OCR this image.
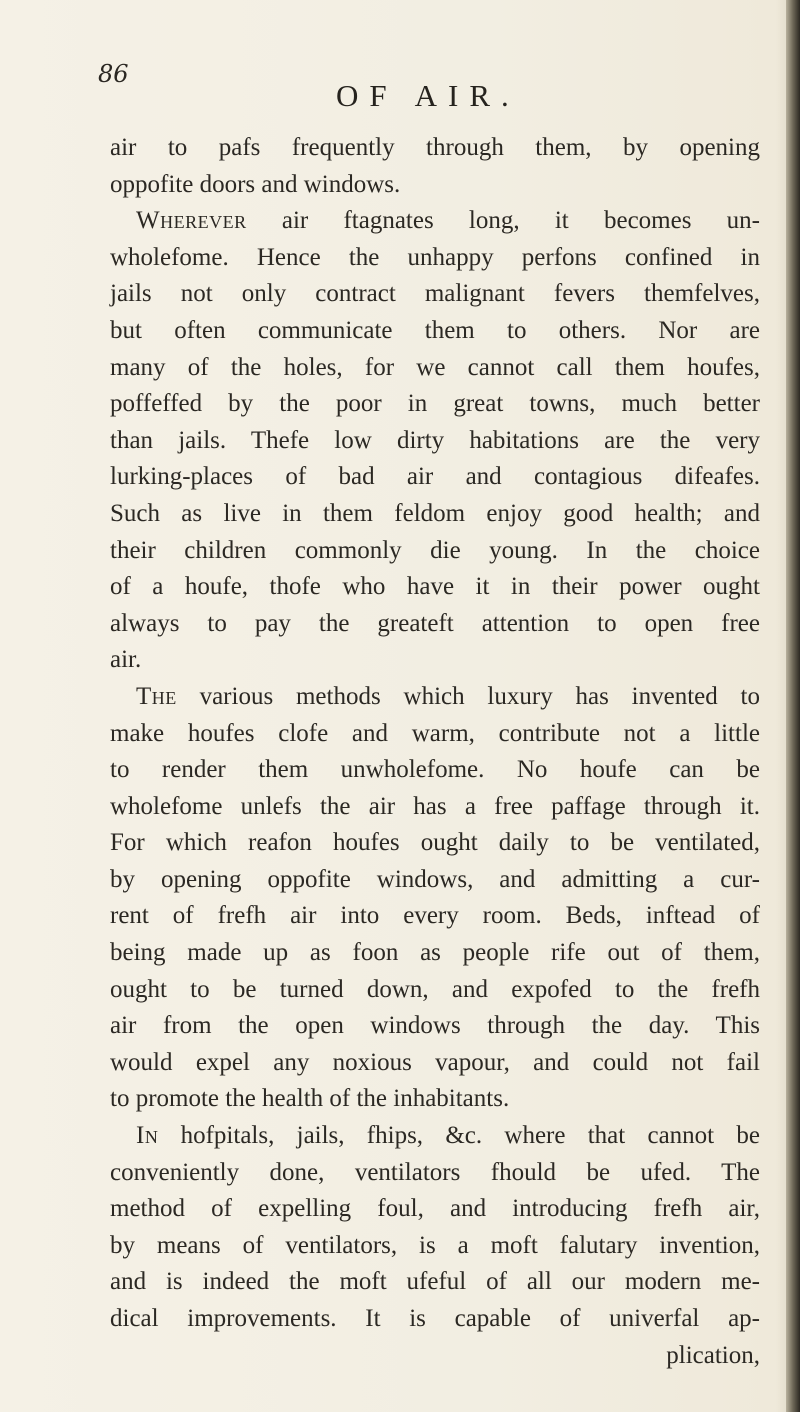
86
OF AIR.
air to pafs frequently through them, by opening
oppofite doors and windows.
Wherever air ftagnates long, it becomes un-
wholefome. Hence the unhappy perfons confined in
jails not only contract malignant fevers themfelves,
but often communicate them to others. Nor are
many of the holes, for we cannot call them houfes,
poffeffed by the poor in great towns, much better
than jails. Thefe low dirty habitations are the very
lurking-places of bad air and contagious difeafes.
Such as live in them feldom enjoy good health; and
their children commonly die young. In the choice
of a houfe, thofe who have it in their power ought
always to pay the greateft attention to open free
air.
The various methods which luxury has invented to
make houfes clofe and warm, contribute not a little
to render them unwholefome. No houfe can be
wholefome unlefs the air has a free paffage through it.
For which reafon houfes ought daily to be ventilated,
by opening oppofite windows, and admitting a cur-
rent of frefh air into every room. Beds, inftead of
being made up as foon as people rife out of them,
ought to be turned down, and expofed to the frefh
air from the open windows through the day. This
would expel any noxious vapour, and could not fail
to promote the health of the inhabitants.
In hofpitals, jails, fhips, &c. where that cannot be
conveniently done, ventilators fhould be ufed. The
method of expelling foul, and introducing frefh air,
by means of ventilators, is a moft falutary invention,
and is indeed the moft ufeful of all our modern me-
dical improvements. It is capable of univerfal ap-
plication,
